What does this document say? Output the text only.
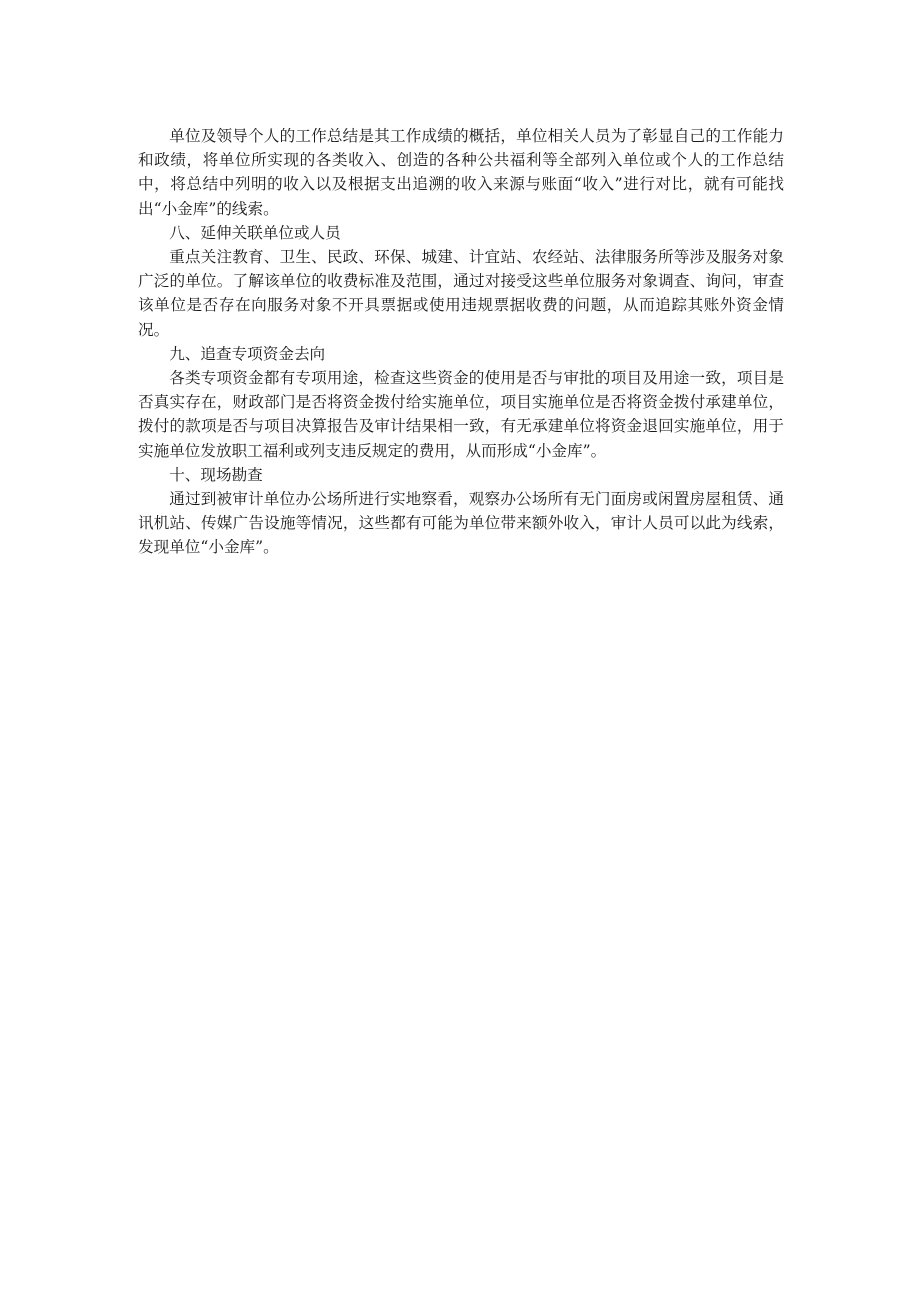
单位及领导个人的工作总结是其工作成绩的概括，单位相关人员为了彰显自己的工作能力和政绩，将单位所实现的各类收入、创造的各种公共福利等全部列入单位或个人的工作总结中，将总结中列明的收入以及根据支出追溯的收入来源与账面“收入”进行对比，就有可能找出“小金库”的线索。

八、延伸关联单位或人员

重点关注教育、卫生、民政、环保、城建、计宜站、农经站、法律服务所等涉及服务对象广泛的单位。了解该单位的收费标准及范围，通过对接受这些单位服务对象调查、询问，审查该单位是否存在向服务对象不开具票据或使用违规票据收费的问题，从而追踪其账外资金情况。

九、追查专项资金去向

各类专项资金都有专项用途，检查这些资金的使用是否与审批的项目及用途一致，项目是否真实存在，财政部门是否将资金拨付给实施单位，项目实施单位是否将资金拨付承建单位，拨付的款项是否与项目决算报告及审计结果相一致，有无承建单位将资金退回实施单位，用于实施单位发放职工福利或列支违反规定的费用，从而形成“小金库”。

十、现场勘查

通过到被审计单位办公场所进行实地察看，观察办公场所有无门面房或闲置房屋租赁、通讯机站、传媒广告设施等情况，这些都有可能为单位带来额外收入，审计人员可以此为线索，发现单位“小金库”。
